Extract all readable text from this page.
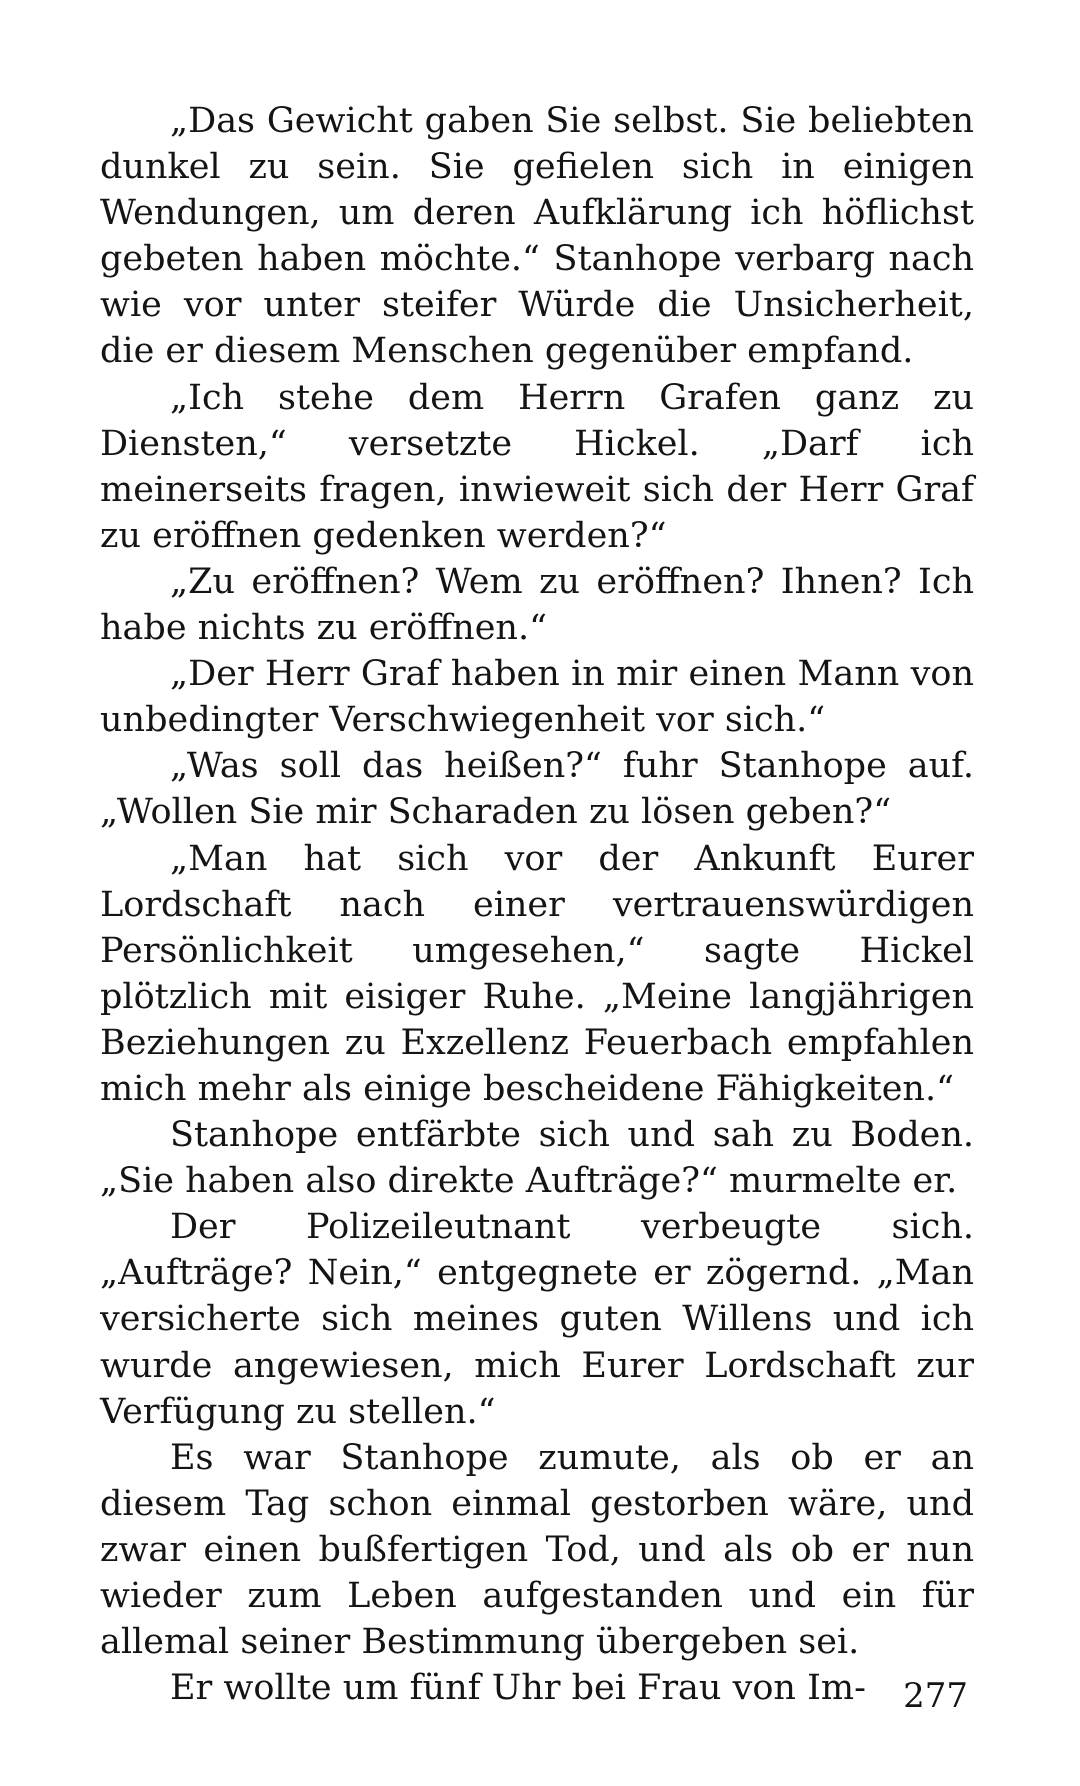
„Das Gewicht gaben Sie selbst. Sie beliebten dunkel zu sein. Sie gefielen sich in einigen Wendungen, um deren Aufklärung ich höflichst gebeten haben möchte.“ Stanhope verbarg nach wie vor unter steifer Würde die Unsicherheit, die er diesem Menschen gegenüber empfand.

„Ich stehe dem Herrn Grafen ganz zu Diensten,“ versetzte Hickel. „Darf ich meinerseits fragen, inwieweit sich der Herr Graf zu eröffnen gedenken werden?“

„Zu eröffnen? Wem zu eröffnen? Ihnen? Ich habe nichts zu eröffnen.“

„Der Herr Graf haben in mir einen Mann von unbedingter Verschwiegenheit vor sich.“

„Was soll das heißen?“ fuhr Stanhope auf. „Wollen Sie mir Scharaden zu lösen geben?“

„Man hat sich vor der Ankunft Eurer Lordschaft nach einer vertrauenswürdigen Persönlichkeit umgesehen,“ sagte Hickel plötzlich mit eisiger Ruhe. „Meine langjährigen Beziehungen zu Exzellenz Feuerbach empfahlen mich mehr als einige bescheidene Fähigkeiten.“

Stanhope entfärbte sich und sah zu Boden. „Sie haben also direkte Aufträge?“ murmelte er.

Der Polizeileutnant verbeugte sich. „Aufträge? Nein,“ entgegnete er zögernd. „Man versicherte sich meines guten Willens und ich wurde angewiesen, mich Eurer Lordschaft zur Verfügung zu stellen.“

Es war Stanhope zumute, als ob er an diesem Tag schon einmal gestorben wäre, und zwar einen bußfertigen Tod, und als ob er nun wieder zum Leben aufgestanden und ein für allemal seiner Bestimmung übergeben sei.

Er wollte um fünf Uhr bei Frau von Im-	277
